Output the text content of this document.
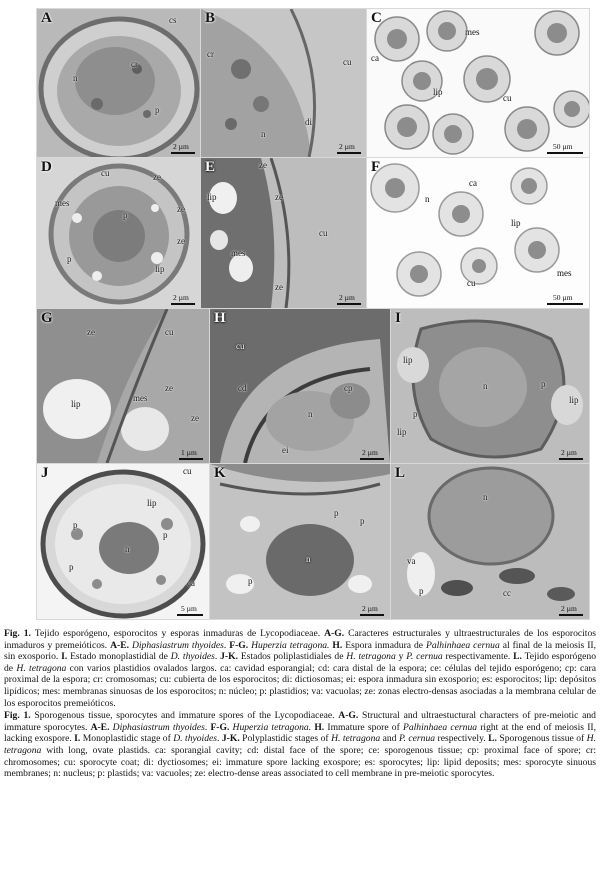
A	cs
n
cr
p
2 µm
B
cr
cu
n
di
2 µm
C
mes
ca
lip
cu
50 µm
D	cu	ze
mes
p
p
ze
ze
lip
2 µm
E	ze
lip	ze
cu
mes
ze
2 µm
F
ca
n
lip
mes
cu
50 µm
G
ze	cu
lip
mes
ze
ze
1 µm
H
cu
cd	cp
n
ei	2 µm
I
lip
n	p
p
lip
lip
2 µm
J	cu
lip
p
p
n
p
ca
5 µm
K
p
p
n
p
2 µm
L
n
va
p	cc
2 µm

Fig. 1. Tejido esporógeno, esporocitos y esporas inmaduras de Lycopodiaceae. A-G. Caracteres estructurales y ultraestructurales de los esporocitos inmaduros y premeióticos. A-E. Diphasiastrum thyoides. F-G. Huperzia tetragona. H. Espora inmadura de Palhinhaea cernua al final de la meiosis II, sin exosporio. I. Estado monoplastidial de D. thyoides. J-K. Estados poliplastidiales de H. tetragona y P. cernua respectivamente. L. Tejido esporógeno de H. tetragona con varios plastidios ovalados largos. ca: cavidad esporangial; cd: cara distal de la espora; ce: células del tejido esporógeno; cp: cara proximal de la espora; cr: cromosomas; cu: cubierta de los esporocitos; di: dictiosomas; ei: espora inmadura sin exosporio; es: esporocitos; lip: depósitos lipídicos; mes: membranas sinuosas de los esporocitos; n: núcleo; p: plastidios; va: vacuolas; ze: zonas electro-densas asociadas a la membrana celular de los esporocitos premeióticos.

Fig. 1. Sporogenous tissue, sporocytes and immature spores of the Lycopodiaceae. A-G. Structural and ultraestuctural characters of pre-meiotic and immature sporocytes. A-E. Diphasiastrum thyoides. F-G. Huperzia tetragona. H. Immature spore of Palhinhaea cernua right at the end of meiosis II, lacking exospore. I. Monoplastidic stage of D. thyoides. J-K. Polyplastidic stages of H. tetragona and P. cernua respectively. L. Sporogenous tissue of H. tetragona with long, ovate plastids. ca: sporangial cavity; cd: distal face of the spore; ce: sporogenous tissue; cp: proximal face of spore; cr: chromosomes; cu: sporocyte coat; di: dyctiosomes; ei: immature spore lacking exospore; es: sporocytes; lip: lipid deposits; mes: sporocyte sinuous membranes; n: nucleus; p: plastids; va: vacuoles; ze: electro-dense areas associated to cell membrane in pre-meiotic sporocytes.
